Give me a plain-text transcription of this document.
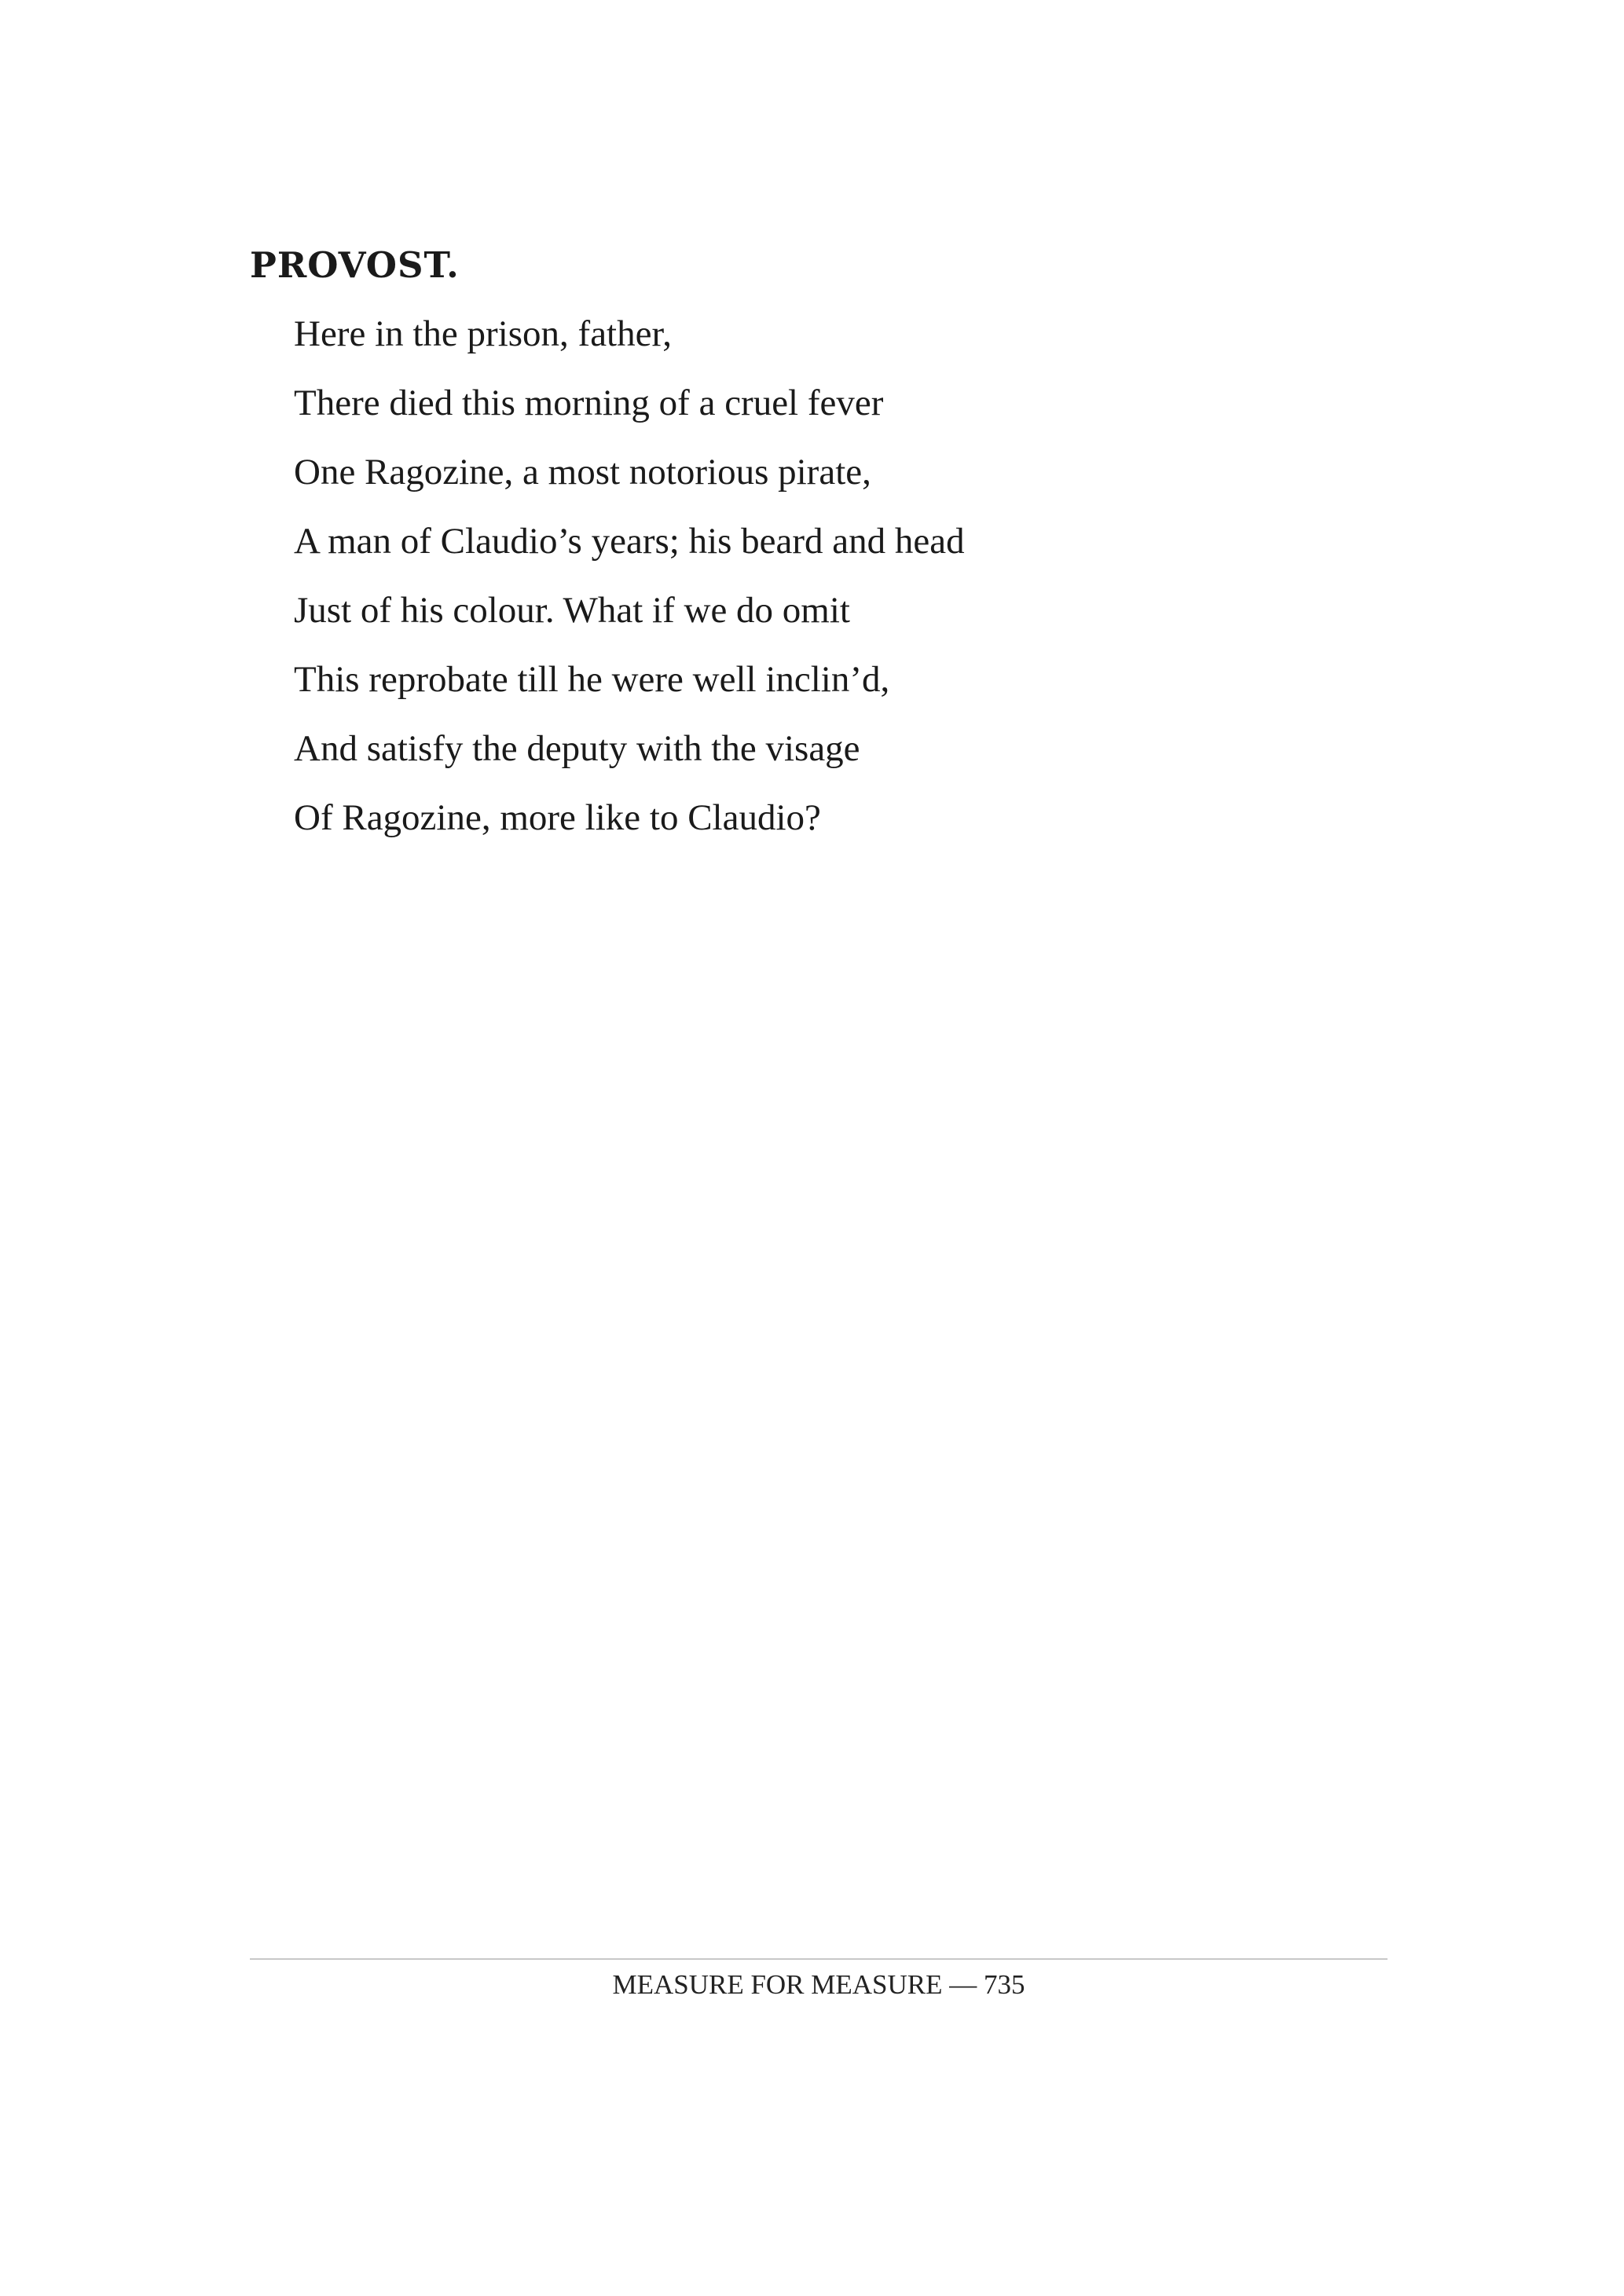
PROVOST.
Here in the prison, father,
There died this morning of a cruel fever
One Ragozine, a most notorious pirate,
A man of Claudio’s years; his beard and head
Just of his colour. What if we do omit
This reprobate till he were well inclin’d,
And satisfy the deputy with the visage
Of Ragozine, more like to Claudio?
MEASURE FOR MEASURE — 735
